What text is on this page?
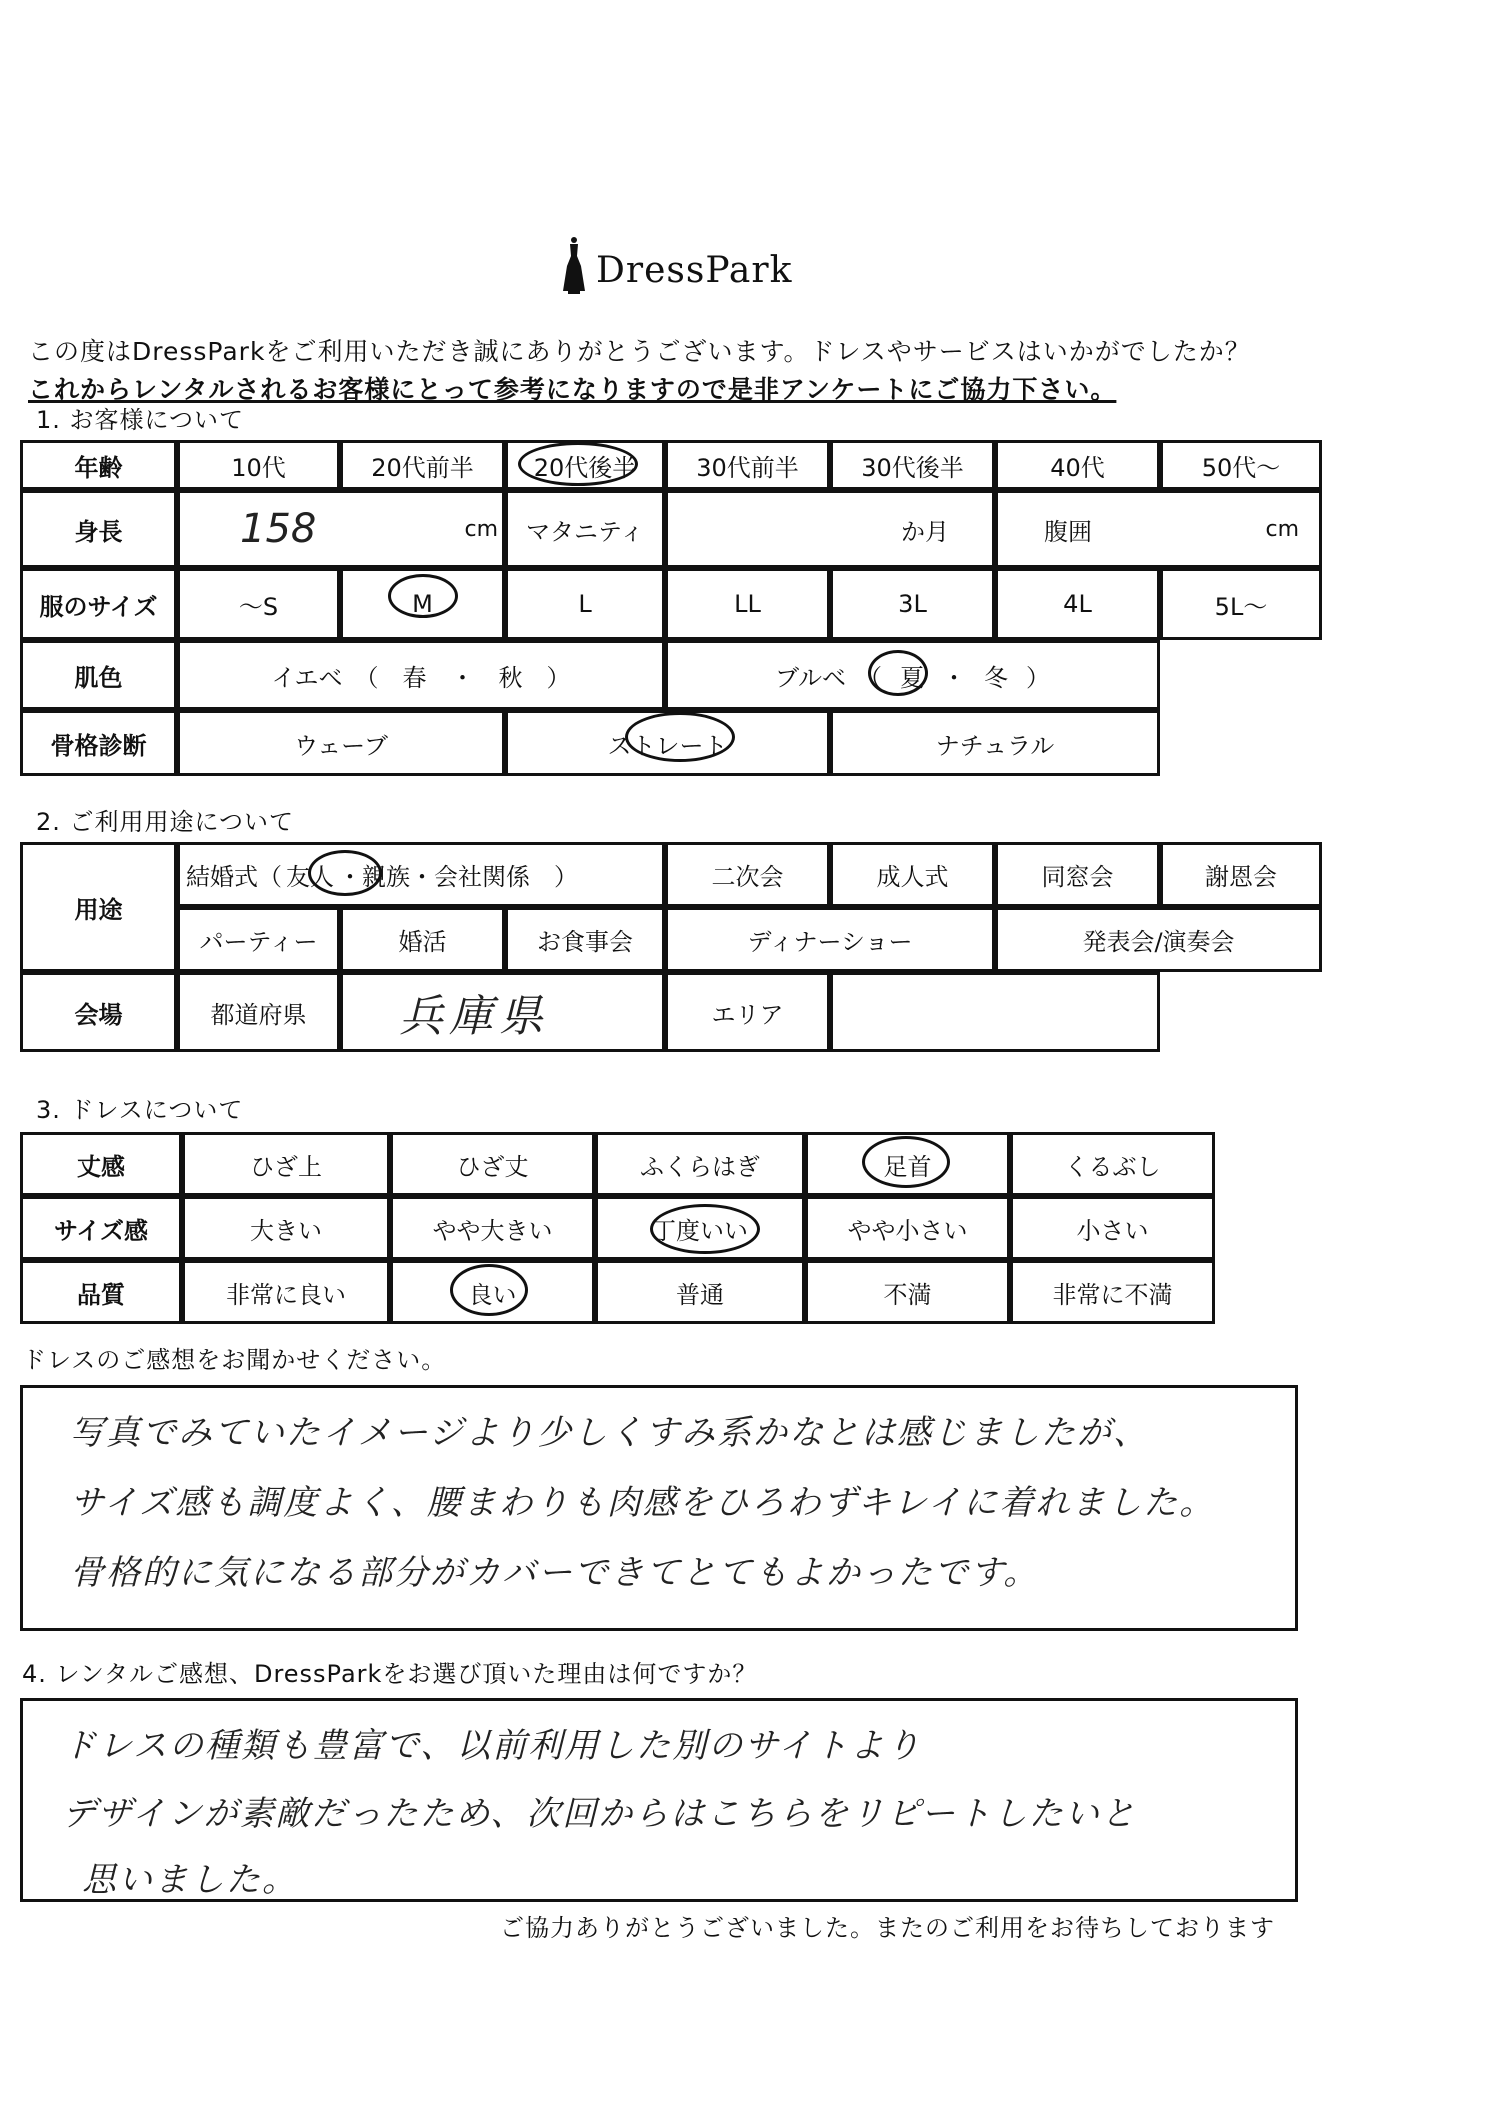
DressPark
この度はDressParkをご利用いただき誠にありがとうございます。ドレスやサービスはいかがでしたか？
これからレンタルされるお客様にとって参考になりますので是非アンケートにご協力下さい。
1. お客様について
年齢	10代	20代前半	20代後半	30代前半	30代後半	40代	50代～
身長	158	cm	マタニティ	か月	腹囲	cm
服のサイズ	～S	M	L	LL	3L	4L	5L～
肌色	イエベ　（　春　・　秋　）	ブルベ　（ 夏 ・ 冬 ）
骨格診断	ウェーブ	ストレート	ナチュラル
2. ご利用用途について
用途
結婚式（ 友人 ・親族・会社関係　）	二次会	成人式	同窓会	謝恩会
パーティー	婚活	お食事会	ディナーショー	発表会/演奏会
会場	都道府県	兵庫県	エリア
3. ドレスについて
丈感	ひざ上	ひざ丈	ふくらはぎ	足首	くるぶし
サイズ感	大きい	やや大きい	丁度いい	やや小さい	小さい
品質	非常に良い	良い	普通	不満	非常に不満
ドレスのご感想をお聞かせください。
写真でみていたイメージより少しくすみ系かなとは感じましたが、
サイズ感も調度よく、腰まわりも肉感をひろわずキレイに着れました。
骨格的に気になる部分がカバーできてとてもよかったです。
4. レンタルご感想、DressParkをお選び頂いた理由は何ですか？
ドレスの種類も豊富で、以前利用した別のサイトより
デザインが素敵だったため、次回からはこちらをリピートしたいと
思いました。
ご協力ありがとうございました。またのご利用をお待ちしております
